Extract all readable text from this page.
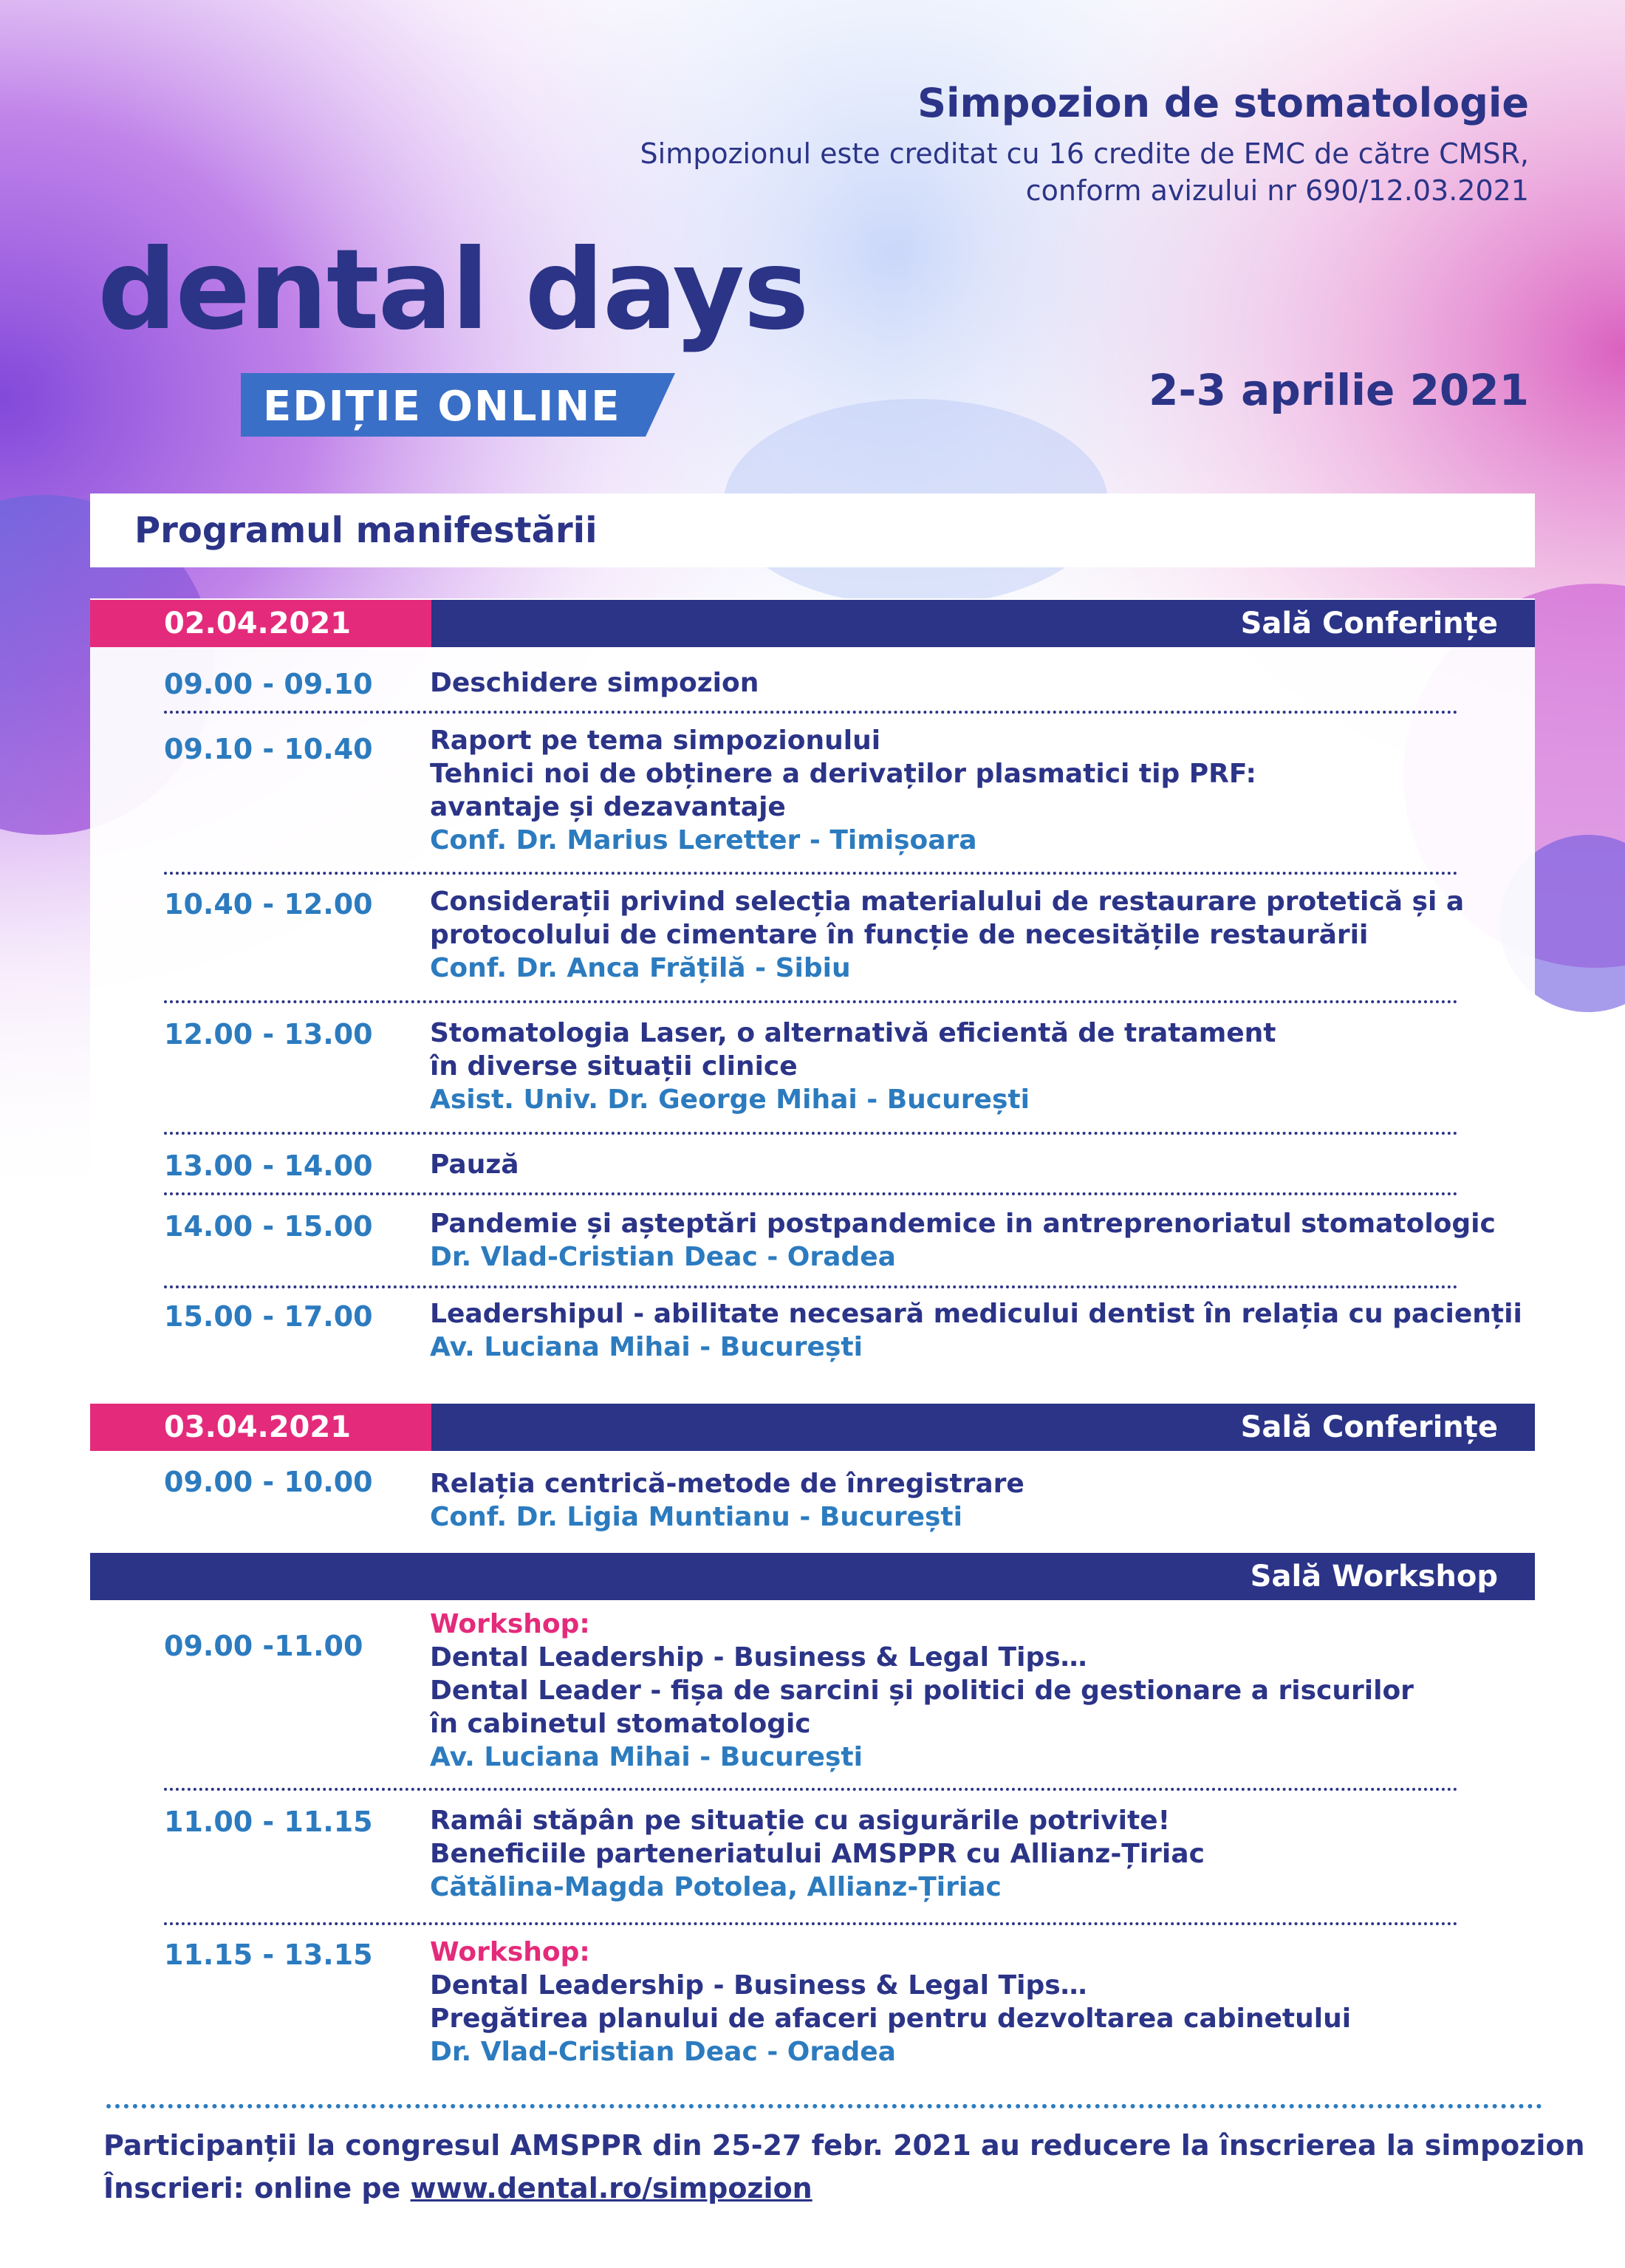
Simpozion de stomatologie
Simpozionul este creditat cu 16 credite de EMC de către CMSR,
conform avizului nr 690/12.03.2021
dental days
EDIȚIE ONLINE	2-3 aprilie 2021
Programul manifestării
02.04.2021	Sală Conferințe
09.00 - 09.10 Deschidere simpozion
09.10 - 10.40 Raport pe tema simpozionului
Tehnici noi de obținere a derivaților plasmatici tip PRF:
avantaje și dezavantaje
Conf. Dr. Marius Leretter - Timișoara
10.40 - 12.00 Considerații privind selecția materialului de restaurare protetică și a
protocolului de cimentare în funcție de necesitățile restaurării
Conf. Dr. Anca Frățilă - Sibiu
12.00 - 13.00 Stomatologia Laser, o alternativă eficientă de tratament
în diverse situații clinice
Asist. Univ. Dr. George Mihai - București
13.00 - 14.00 Pauză
14.00 - 15.00 Pandemie și așteptări postpandemice in antreprenoriatul stomatologic
Dr. Vlad-Cristian Deac - Oradea
15.00 - 17.00 Leadershipul - abilitate necesară medicului dentist în relația cu pacienții
Av. Luciana Mihai - București
03.04.2021	Sală Conferințe
09.00 - 10.00 Relația centrică-metode de înregistrare
Conf. Dr. Ligia Muntianu - București
Sală Workshop
09.00 -11.00
Workshop:
Dental Leadership - Business & Legal Tips…
Dental Leader - fișa de sarcini și politici de gestionare a riscurilor
în cabinetul stomatologic
Av. Luciana Mihai - București
11.00 - 11.15 Ramâi stăpân pe situație cu asigurările potrivite!
Beneficiile parteneriatului AMSPPR cu Allianz-Țiriac
Cătălina-Magda Potolea, Allianz-Țiriac
11.15 - 13.15 Workshop:
Dental Leadership - Business & Legal Tips…
Pregătirea planului de afaceri pentru dezvoltarea cabinetului
Dr. Vlad-Cristian Deac - Oradea
Participanții la congresul AMSPPR din 25-27 febr. 2021 au reducere la înscrierea la simpozion
Înscrieri: online pe www.dental.ro/simpozion
